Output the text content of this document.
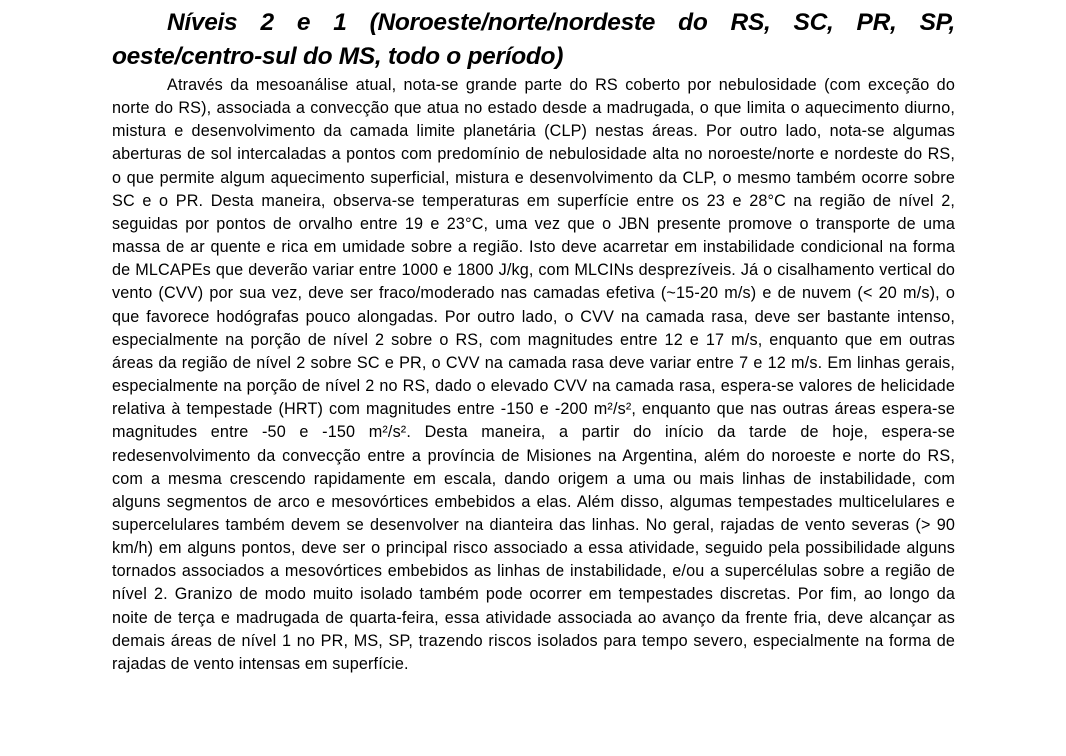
Níveis 2 e 1 (Noroeste/norte/nordeste do RS, SC, PR, SP, oeste/centro-sul do MS, todo o período)

Através da mesoanálise atual, nota-se grande parte do RS coberto por nebulosidade (com exceção do norte do RS), associada a convecção que atua no estado desde a madrugada, o que limita o aquecimento diurno, mistura e desenvolvimento da camada limite planetária (CLP) nestas áreas. Por outro lado, nota-se algumas aberturas de sol intercaladas a pontos com predomínio de nebulosidade alta no noroeste/norte e nordeste do RS, o que permite algum aquecimento superficial, mistura e desenvolvimento da CLP, o mesmo também ocorre sobre SC e o PR. Desta maneira, observa-se temperaturas em superfície entre os 23 e 28°C na região de nível 2, seguidas por pontos de orvalho entre 19 e 23°C, uma vez que o JBN presente promove o transporte de uma massa de ar quente e rica em umidade sobre a região. Isto deve acarretar em instabilidade condicional na forma de MLCAPEs que deverão variar entre 1000 e 1800 J/kg, com MLCINs desprezíveis. Já o cisalhamento vertical do vento (CVV) por sua vez, deve ser fraco/moderado nas camadas efetiva (~15-20 m/s) e de nuvem (< 20 m/s), o que favorece hodógrafas pouco alongadas. Por outro lado, o CVV na camada rasa, deve ser bastante intenso, especialmente na porção de nível 2 sobre o RS, com magnitudes entre 12 e 17 m/s, enquanto que em outras áreas da região de nível 2 sobre SC e PR, o CVV na camada rasa deve variar entre 7 e 12 m/s. Em linhas gerais, especialmente na porção de nível 2 no RS, dado o elevado CVV na camada rasa, espera-se valores de helicidade relativa à tempestade (HRT) com magnitudes entre -150 e -200 m²/s², enquanto que nas outras áreas espera-se magnitudes entre -50 e -150 m²/s². Desta maneira, a partir do início da tarde de hoje, espera-se redesenvolvimento da convecção entre a província de Misiones na Argentina, além do noroeste e norte do RS, com a mesma crescendo rapidamente em escala, dando origem a uma ou mais linhas de instabilidade, com alguns segmentos de arco e mesovórtices embebidos a elas. Além disso, algumas tempestades multicelulares e supercelulares também devem se desenvolver na dianteira das linhas. No geral, rajadas de vento severas (> 90 km/h) em alguns pontos, deve ser o principal risco associado a essa atividade, seguido pela possibilidade alguns tornados associados a mesovórtices embebidos as linhas de instabilidade, e/ou a supercélulas sobre a região de nível 2. Granizo de modo muito isolado também pode ocorrer em tempestades discretas. Por fim, ao longo da noite de terça e madrugada de quarta-feira, essa atividade associada ao avanço da frente fria, deve alcançar as demais áreas de nível 1 no PR, MS, SP, trazendo riscos isolados para tempo severo, especialmente na forma de rajadas de vento intensas em superfície.
